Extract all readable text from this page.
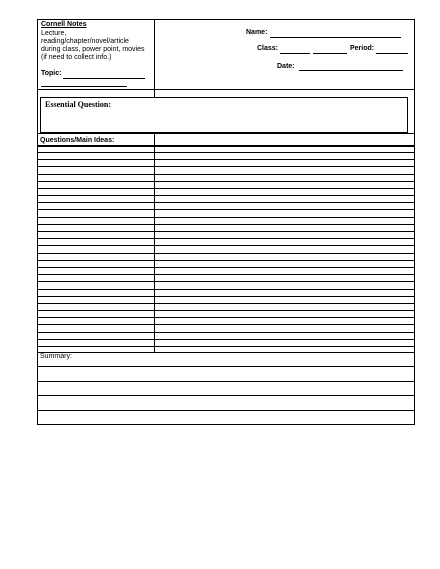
Cornell Notes
Lecture,
reading/chapter/novel/article
during class, power point, movies
(if need to collect info.)
Topic:
Name:
Class:	Period:
Date:
Essential Question:
Questions/Main Ideas:
Summary:
